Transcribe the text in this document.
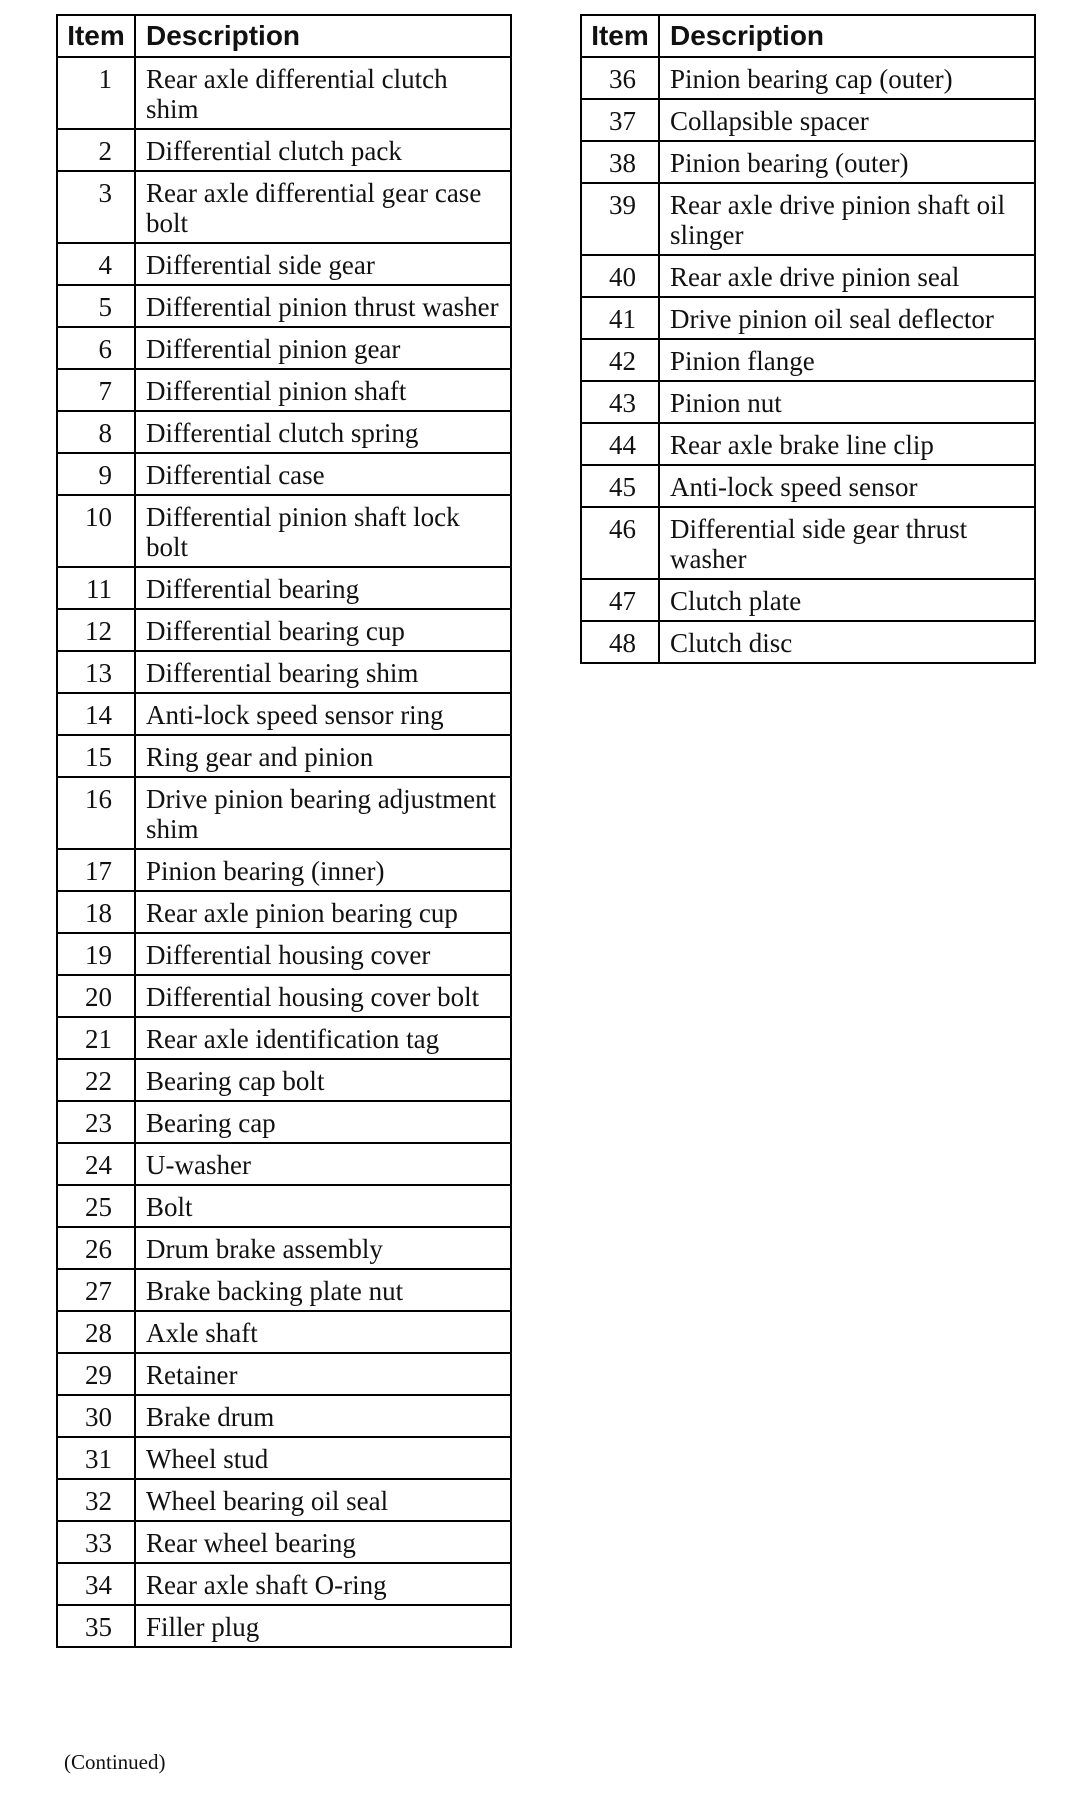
Item	Description
1	Rear axle differential clutch shim
2	Differential clutch pack
3	Rear axle differential gear case bolt
4	Differential side gear
5	Differential pinion thrust washer
6	Differential pinion gear
7	Differential pinion shaft
8	Differential clutch spring
9	Differential case
10	Differential pinion shaft lock bolt
11	Differential bearing
12	Differential bearing cup
13	Differential bearing shim
14	Anti-lock speed sensor ring
15	Ring gear and pinion
16	Drive pinion bearing adjustment shim
17	Pinion bearing (inner)
18	Rear axle pinion bearing cup
19	Differential housing cover
20	Differential housing cover bolt
21	Rear axle identification tag
22	Bearing cap bolt
23	Bearing cap
24	U-washer
25	Bolt
26	Drum brake assembly
27	Brake backing plate nut
28	Axle shaft
29	Retainer
30	Brake drum
31	Wheel stud
32	Wheel bearing oil seal
33	Rear wheel bearing
34	Rear axle shaft O-ring
35	Filler plug
Item	Description
36	Pinion bearing cap (outer)
37	Collapsible spacer
38	Pinion bearing (outer)
39	Rear axle drive pinion shaft oil slinger
40	Rear axle drive pinion seal
41	Drive pinion oil seal deflector
42	Pinion flange
43	Pinion nut
44	Rear axle brake line clip
45	Anti-lock speed sensor
46	Differential side gear thrust washer
47	Clutch plate
48	Clutch disc
(Continued)
